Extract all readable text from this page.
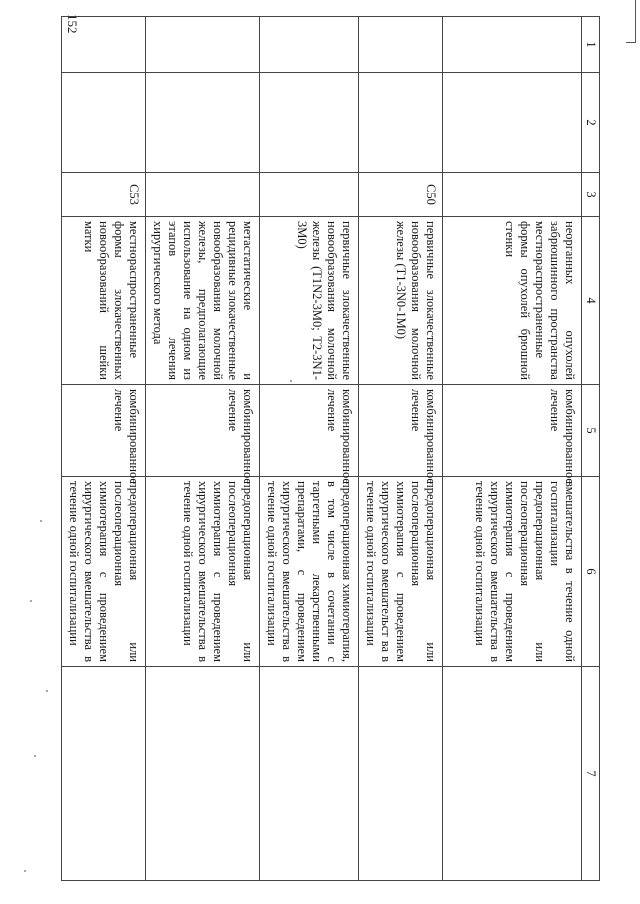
152
1	2	3	4	5	6	7
			неорганных опухолей забрюшинного пространства местнораспространенные формы опухолей брюшной стенки	комбинированное лечение	вмешательства в течение одной госпитализации предоперационная или послеоперационная химиотерапия с проведением хирургического вмешательства в течение одной госпитализации	
		C50	первичные злокачественные новообразования молочной железы (T1-3N0-1M0)	комбинированное лечение	предоперационная или послеоперационная химиотерапия с проведением хирургического вмешательст ва в течение одной госпитализации	
			первичные злокачественные новообразования молочной железы (T1N2-3M0; T2-3N1-3M0)	комбинированное лечение	предоперационная химиотерапия, в том числе в сочетании с таргетными лекарственными препаратами, с проведением хирургического вмешательства в течение одной госпитализации	
			метастатические и рецидивные злокачественные новообразования молочной железы, предполагающие использование на одном из этапов лечения хирургического метода	комбинированное лечение	предоперационная или послеоперационная химиотерапия с проведением хирургического вмешательства в течение одной госпитализации	
		C53	местнораспространенные формы злокачественных новообразований шейки матки	комбинированное лечение	предоперационная или послеоперационная химиотерапия с проведением хирургического вмешательства в течение одной госпитализации	
